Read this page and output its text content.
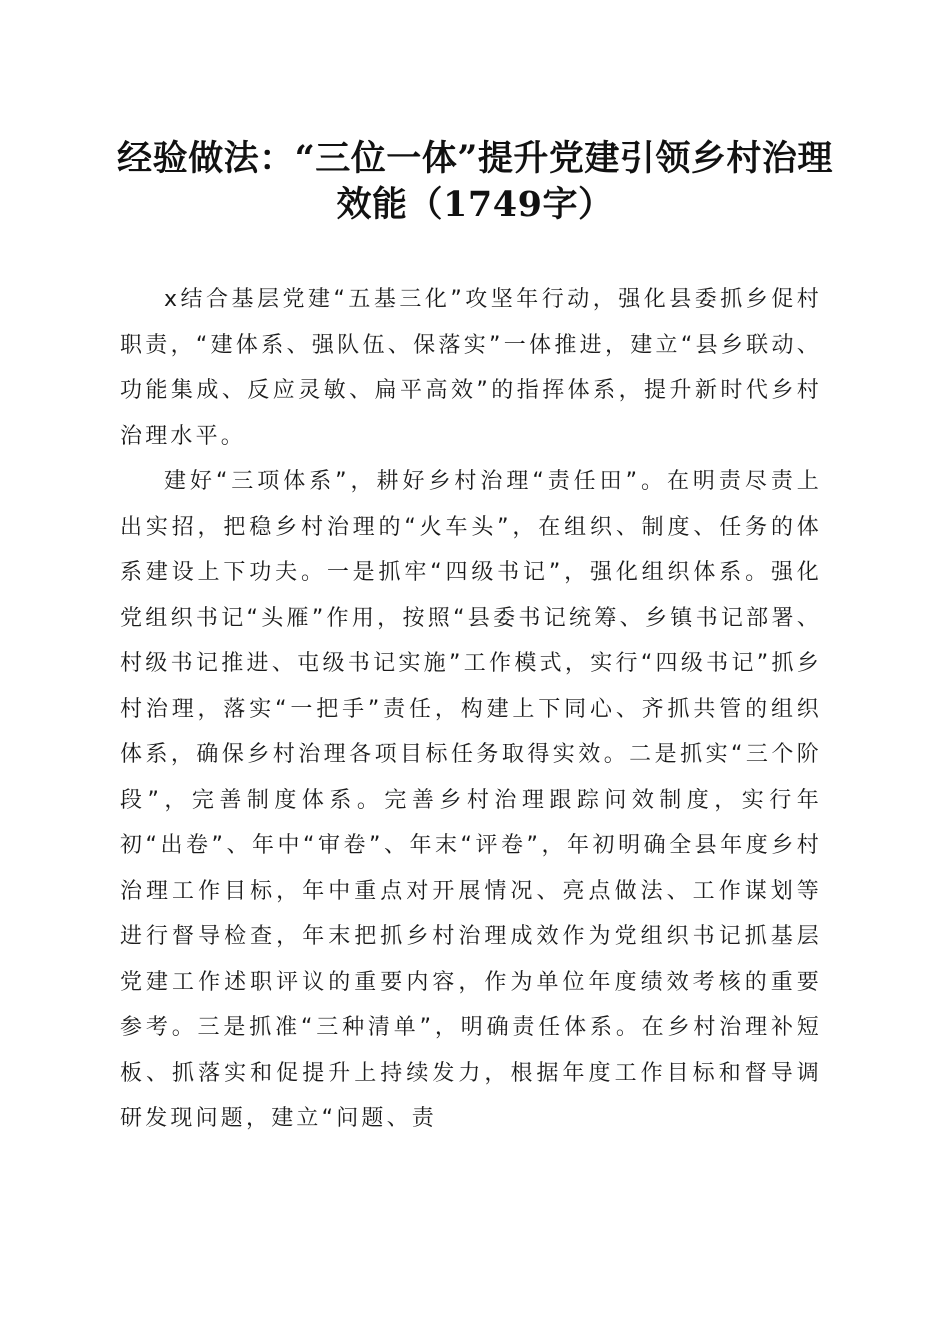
经验做法：“三位一体”提升党建引领乡村治理效能（1749字）

x结合基层党建“五基三化”攻坚年行动，强化县委抓乡促村职责，“建体系、强队伍、保落实”一体推进，建立“县乡联动、功能集成、反应灵敏、扁平高效”的指挥体系，提升新时代乡村治理水平。

建好“三项体系”，耕好乡村治理“责任田”。在明责尽责上出实招，把稳乡村治理的“火车头”，在组织、制度、任务的体系建设上下功夫。一是抓牢“四级书记”，强化组织体系。强化党组织书记“头雁”作用，按照“县委书记统筹、乡镇书记部署、村级书记推进、屯级书记实施”工作模式，实行“四级书记”抓乡村治理，落实“一把手”责任，构建上下同心、齐抓共管的组织体系，确保乡村治理各项目标任务取得实效。二是抓实“三个阶段”，完善制度体系。完善乡村治理跟踪问效制度，实行年初“出卷”、年中“审卷”、年末“评卷”，年初明确全县年度乡村治理工作目标，年中重点对开展情况、亮点做法、工作谋划等进行督导检查，年末把抓乡村治理成效作为党组织书记抓基层党建工作述职评议的重要内容，作为单位年度绩效考核的重要参考。三是抓准“三种清单”，明确责任体系。在乡村治理补短板、抓落实和促提升上持续发力，根据年度工作目标和督导调研发现问题，建立“问题、责
